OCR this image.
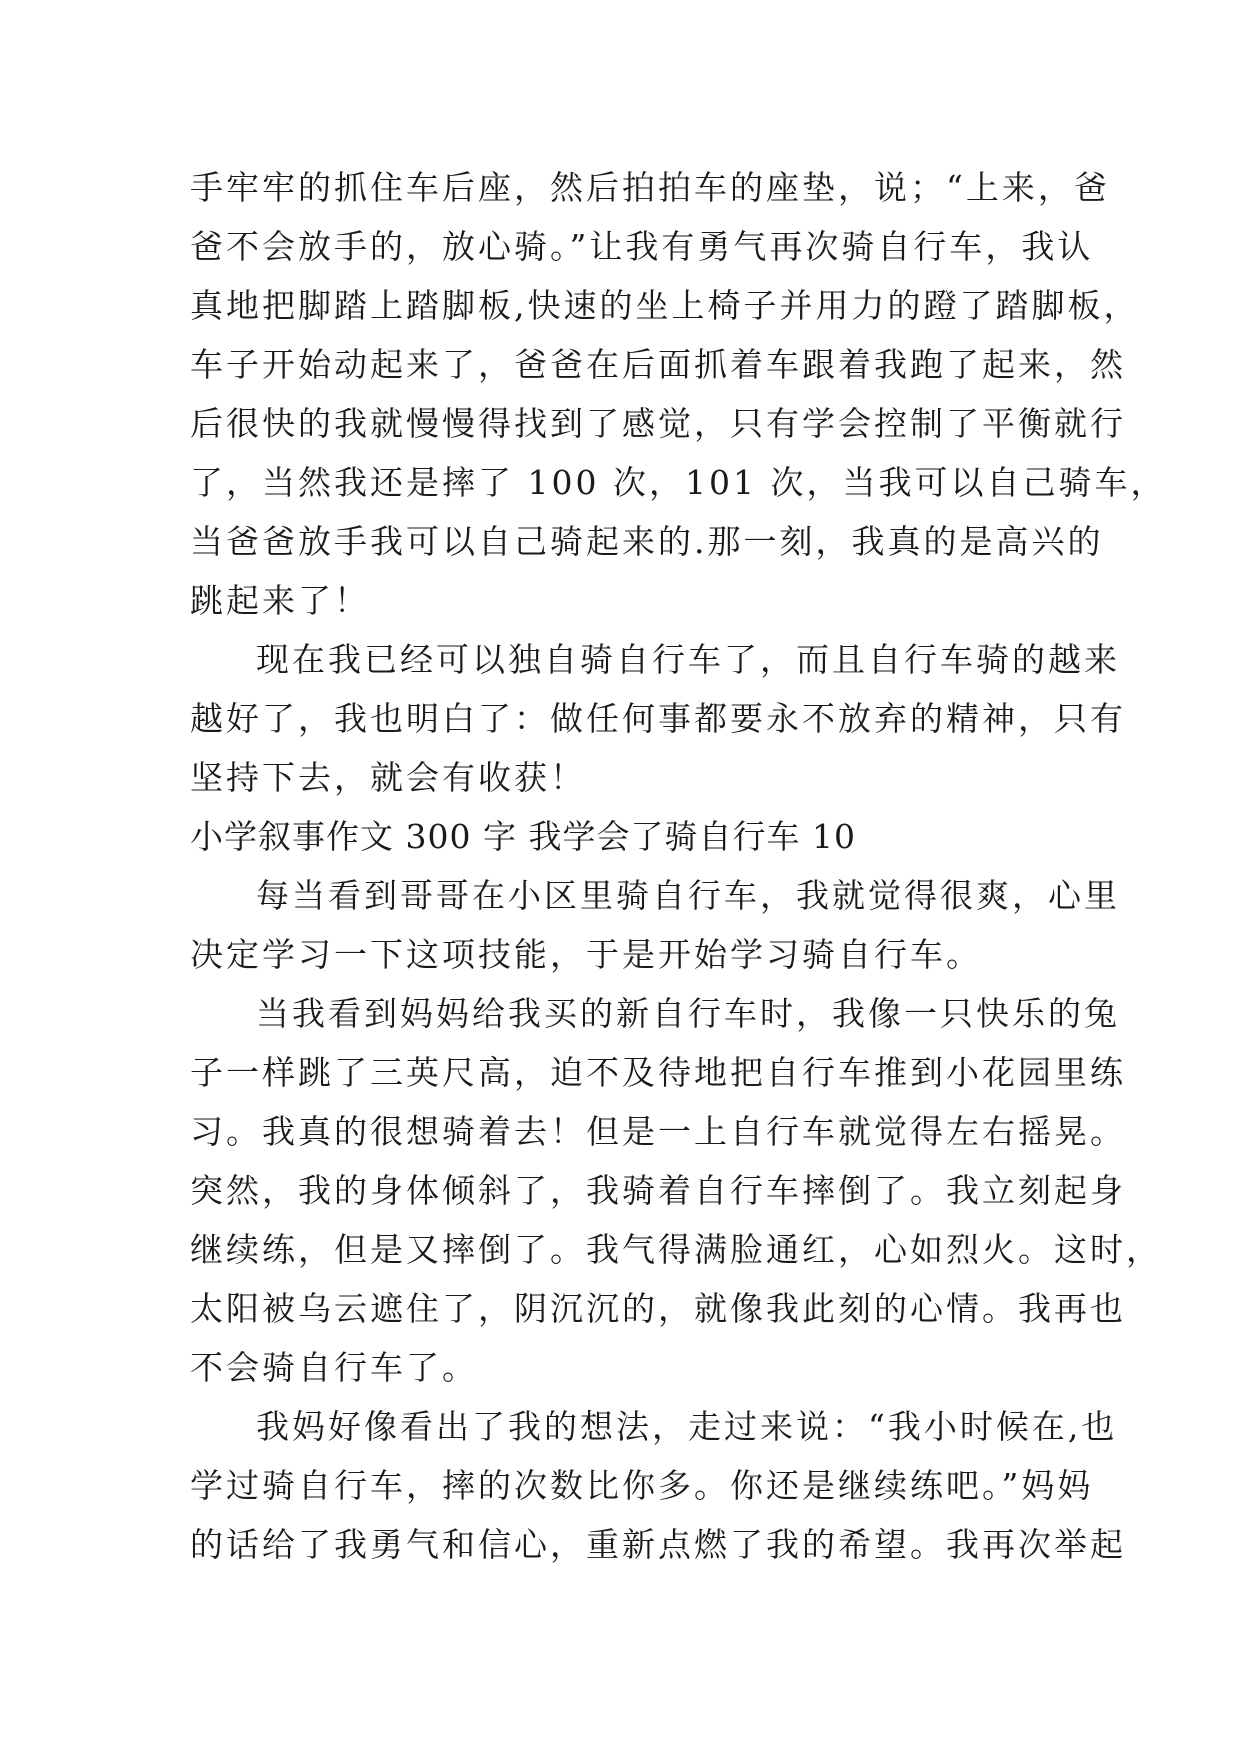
手牢牢的抓住车后座，然后拍拍车的座垫，说；“上来，爸
爸不会放手的，放心骑。”让我有勇气再次骑自行车，我认
真地把脚踏上踏脚板,快速的坐上椅子并用力的蹬了踏脚板，
车子开始动起来了，爸爸在后面抓着车跟着我跑了起来，然
后很快的我就慢慢得找到了感觉，只有学会控制了平衡就行
了，当然我还是摔了 100 次，101 次，当我可以自己骑车，
当爸爸放手我可以自己骑起来的.那一刻，我真的是高兴的
跳起来了！
现在我已经可以独自骑自行车了，而且自行车骑的越来
越好了，我也明白了：做任何事都要永不放弃的精神，只有
坚持下去，就会有收获！
小学叙事作文 300 字 我学会了骑自行车 10
每当看到哥哥在小区里骑自行车，我就觉得很爽，心里
决定学习一下这项技能，于是开始学习骑自行车。
当我看到妈妈给我买的新自行车时，我像一只快乐的兔
子一样跳了三英尺高，迫不及待地把自行车推到小花园里练
习。我真的很想骑着去！但是一上自行车就觉得左右摇晃。
突然，我的身体倾斜了，我骑着自行车摔倒了。我立刻起身
继续练，但是又摔倒了。我气得满脸通红，心如烈火。这时，
太阳被乌云遮住了，阴沉沉的，就像我此刻的心情。我再也
不会骑自行车了。
我妈好像看出了我的想法，走过来说：“我小时候在,也
学过骑自行车，摔的次数比你多。你还是继续练吧。”妈妈
的话给了我勇气和信心，重新点燃了我的希望。我再次举起
